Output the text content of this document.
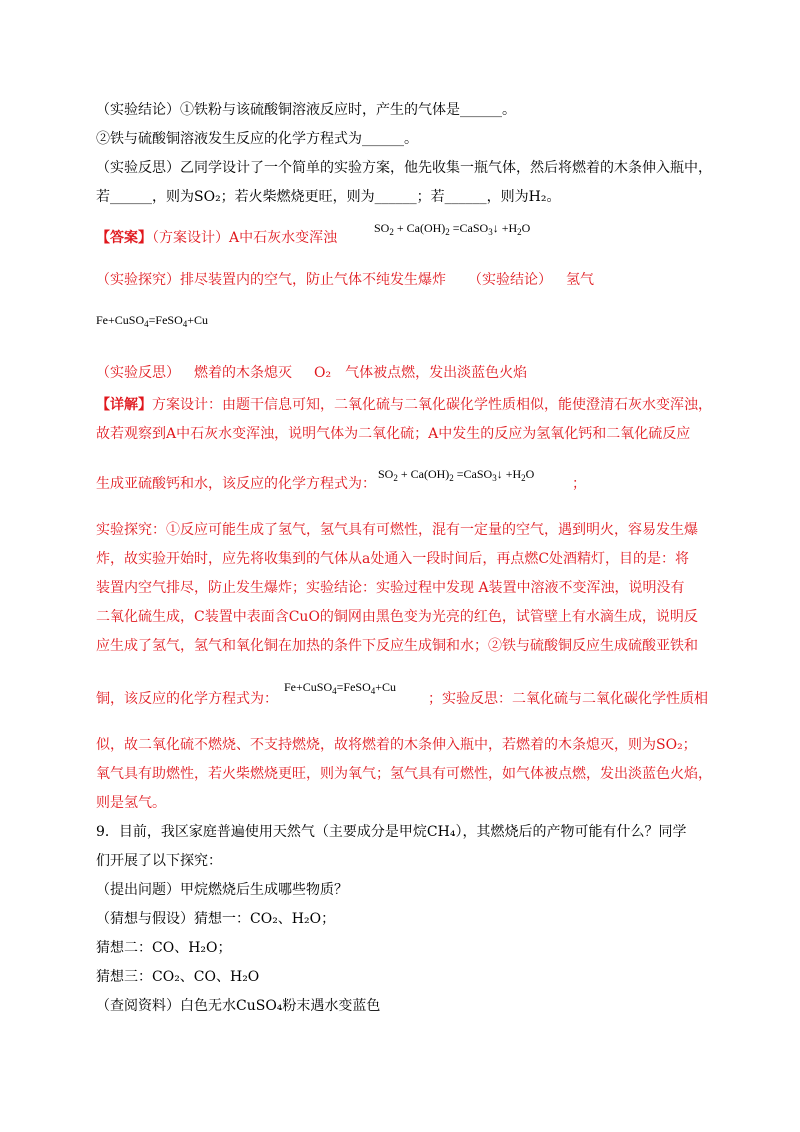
（实验结论）①铁粉与该硫酸铜溶液反应时，产生的气体是______。
②铁与硫酸铜溶液发生反应的化学方程式为______。
（实验反思）乙同学设计了一个简单的实验方案，他先收集一瓶气体，然后将燃着的木条伸入瓶中，
若______，则为SO₂；若火柴燃烧更旺，则为______；若______，则为H₂。
【答案】（方案设计）A中石灰水变浑浊
$SO_2 + Ca(OH)_2$ =CaSO$_3$↓ $+H_2O$
（实验探究）排尽装置内的空气，防止气体不纯发生爆炸 （实验结论） 氢气
Fe+CuSO$_4$=FeSO$_4$+Cu
（实验反思） 燃着的木条熄灭 O₂ 气体被点燃，发出淡蓝色火焰
【详解】方案设计：由题干信息可知，二氧化硫与二氧化碳化学性质相似，能使澄清石灰水变浑浊，
故若观察到A中石灰水变浑浊，说明气体为二氧化硫；A中发生的反应为氢氧化钙和二氧化硫反应
生成亚硫酸钙和水，该反应的化学方程式为：	；
$SO_2 + Ca(OH)_2$ =CaSO$_3$↓ $+H_2O$
实验探究：①反应可能生成了氢气，氢气具有可燃性，混有一定量的空气，遇到明火，容易发生爆
炸，故实验开始时，应先将收集到的气体从a处通入一段时间后，再点燃C处酒精灯，目的是：将
装置内空气排尽，防止发生爆炸；实验结论：实验过程中发现 A装置中溶液不变浑浊，说明没有
二氧化硫生成，C装置中表面含CuO的铜网由黑色变为光亮的红色，试管壁上有水滴生成，说明反
应生成了氢气，氢气和氧化铜在加热的条件下反应生成铜和水；②铁与硫酸铜反应生成硫酸亚铁和
铜，该反应的化学方程式为：	；实验反思：二氧化硫与二氧化碳化学性质相
Fe+CuSO$_4$=FeSO$_4$+Cu
似，故二氧化硫不燃烧、不支持燃烧，故将燃着的木条伸入瓶中，若燃着的木条熄灭，则为SO₂；
氧气具有助燃性，若火柴燃烧更旺，则为氧气；氢气具有可燃性，如气体被点燃，发出淡蓝色火焰，
则是氢气。
9．目前，我区家庭普遍使用天然气（主要成分是甲烷CH₄），其燃烧后的产物可能有什么？同学
们开展了以下探究：
（提出问题）甲烷燃烧后生成哪些物质？
（猜想与假设）猜想一：CO₂、H₂O；
猜想二：CO、H₂O；
猜想三：CO₂、CO、H₂O
（查阅资料）白色无水CuSO₄粉末遇水变蓝色
